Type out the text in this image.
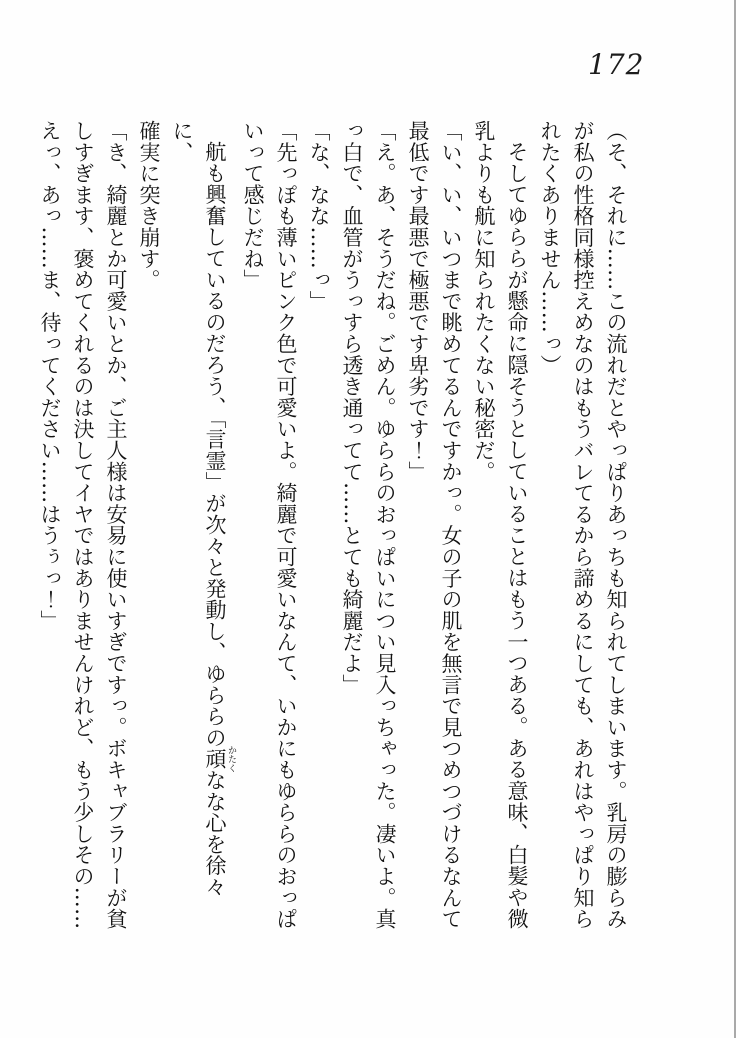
172
（そ、それに……この流れだとやっぱりあっちも知られてしまいます。乳房の膨らみ
が私の性格同様控えめなのはもうバレてるから諦めるにしても、あれはやっぱり知ら
れたくありません……っ）
そしてゆららが懸命に隠そうとしていることはもう一つある。ある意味、白髪や微
乳よりも航に知られたくない秘密だ。
「い、い、いつまで眺めてるんですかっ。女の子の肌を無言で見つめつづけるなんて
最低です最悪で極悪です卑劣です！」
「え。あ、そうだね。ごめん。ゆららのおっぱいについ見入っちゃった。凄いよ。真
っ白で、血管がうっすら透き通ってて……とても綺麗だよ」
「な、なな……っ」
「先っぽも薄いピンク色で可愛いよ。綺麗で可愛いなんて、いかにもゆららのおっぱ
いって感じだね」
航も興奮しているのだろう、「言霊」が次々と発動し、ゆららの頑 かたくなな心を徐々に、
確実に突き崩す。
「き、綺麗とか可愛いとか、ご主人様は安易に使いすぎですっ。ボキャブラリーが貧
しすぎます、褒めてくれるのは決してイヤではありませんけれど、もう少しその……
えっ、あっ……ま、待ってください……はうぅっ！」
